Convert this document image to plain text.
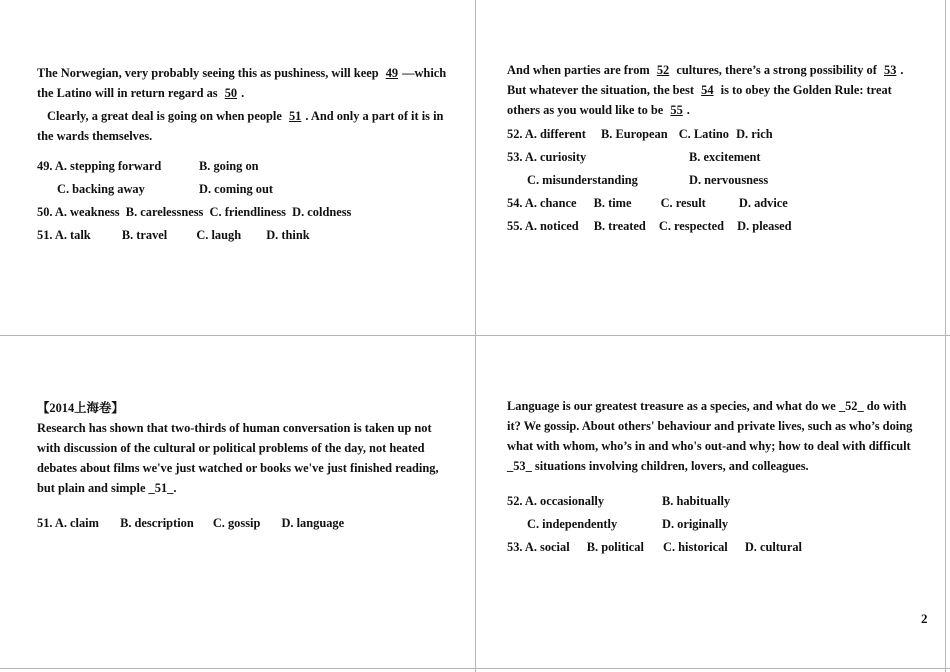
The Norwegian, very probably seeing this as pushiness, will keep 49 —which

the Latino will in return regard as 50 .

Clearly, a great deal is going on when people 51 . And only a part of it is in

the wards themselves.

49. A. stepping forward	B. going on

C. backing away	D. coming out

50. A. weakness  B. carelessness  C. friendliness  D. coldness

51. A. talk	B. travel C. laugh D. think

And when parties are from 52 cultures, there’s a strong possibility of 53 .

But whatever the situation, the best 54 is to obey the Golden Rule: treat

others as you would like to be 55 .

52. A. different B. European C. Latino D. rich

53. A. curiosity	B. excitement

C. misunderstanding	D. nervousness

54. A. chance B. time C. result	D. advice

55. A. noticed B. treated C. respected D. pleased

【2014上海卷】

Research has shown that two-thirds of human conversation is taken up not

with discussion of the cultural or political problems of the day, not heated

debates about films we've just watched or books we've just finished reading,

but plain and simple _51_.

51. A. claim B. description C. gossip D. language

Language is our greatest treasure as a species, and what do we _52_ do with

it? We gossip. About others' behaviour and private lives, such as who’s doing

what with whom, who’s in and who's out-and why; how to deal with difficult

_53_ situations involving children, lovers, and colleagues.

52. A. occasionally	B. habitually

C. independently	D. originally

53. A. social B. political C. historical D. cultural

2
